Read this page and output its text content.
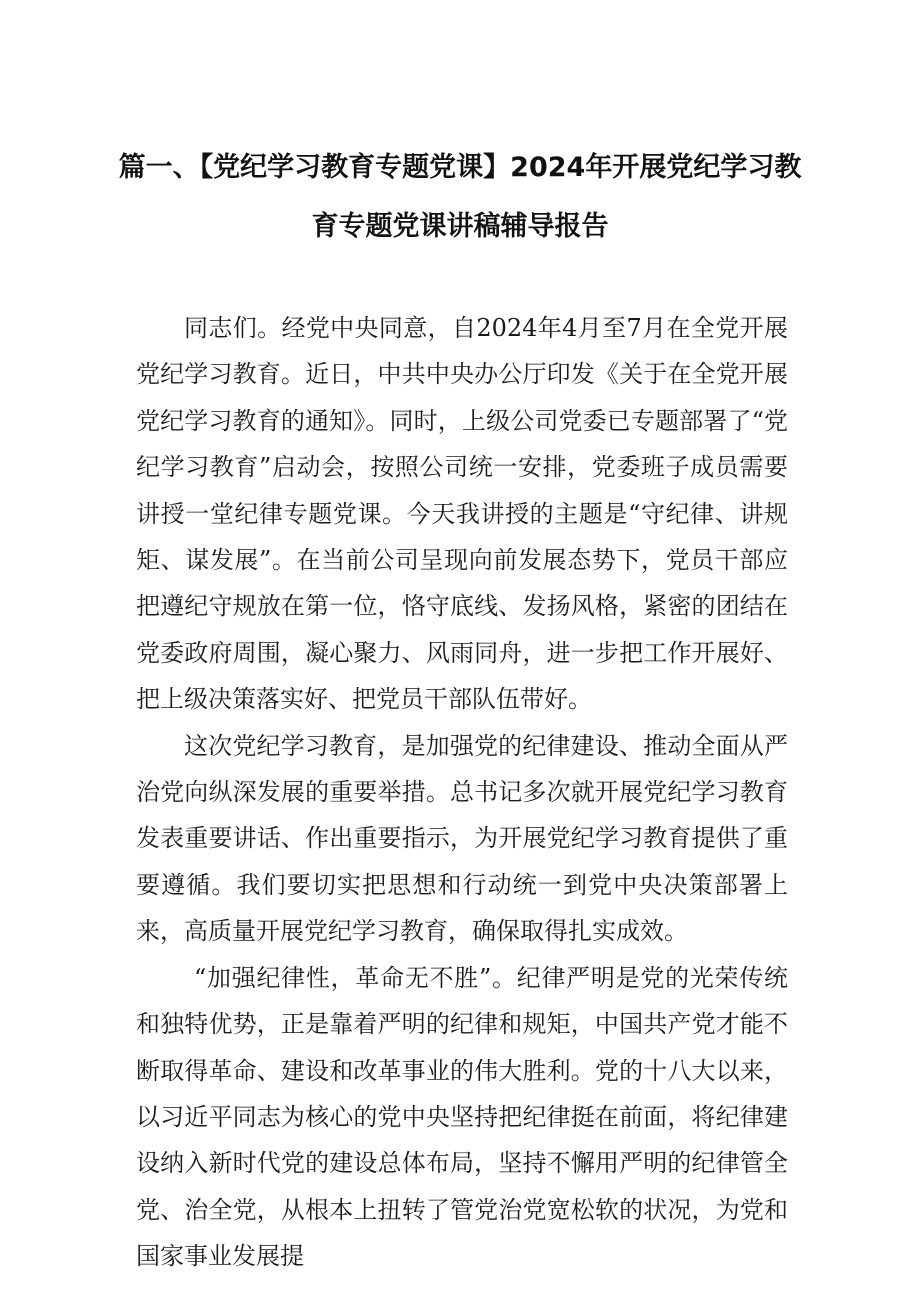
篇一、【党纪学习教育专题党课】2024年开展党纪学习教
育专题党课讲稿辅导报告

同志们。经党中央同意，自2024年4月至7月在全党开展党纪学习教育。近日，中共中央办公厅印发《关于在全党开展党纪学习教育的通知》。同时，上级公司党委已专题部署了“党纪学习教育”启动会，按照公司统一安排，党委班子成员需要讲授一堂纪律专题党课。今天我讲授的主题是“守纪律、讲规矩、谋发展”。在当前公司呈现向前发展态势下，党员干部应把遵纪守规放在第一位，恪守底线、发扬风格，紧密的团结在党委政府周围，凝心聚力、风雨同舟，进一步把工作开展好、把上级决策落实好、把党员干部队伍带好。

这次党纪学习教育，是加强党的纪律建设、推动全面从严治党向纵深发展的重要举措。总书记多次就开展党纪学习教育发表重要讲话、作出重要指示，为开展党纪学习教育提供了重要遵循。我们要切实把思想和行动统一到党中央决策部署上来，高质量开展党纪学习教育，确保取得扎实成效。

“加强纪律性，革命无不胜”。纪律严明是党的光荣传统和独特优势，正是靠着严明的纪律和规矩，中国共产党才能不断取得革命、建设和改革事业的伟大胜利。党的十八大以来，以习近平同志为核心的党中央坚持把纪律挺在前面，将纪律建设纳入新时代党的建设总体布局，坚持不懈用严明的纪律管全党、治全党，从根本上扭转了管党治党宽松软的状况，为党和国家事业发展提
